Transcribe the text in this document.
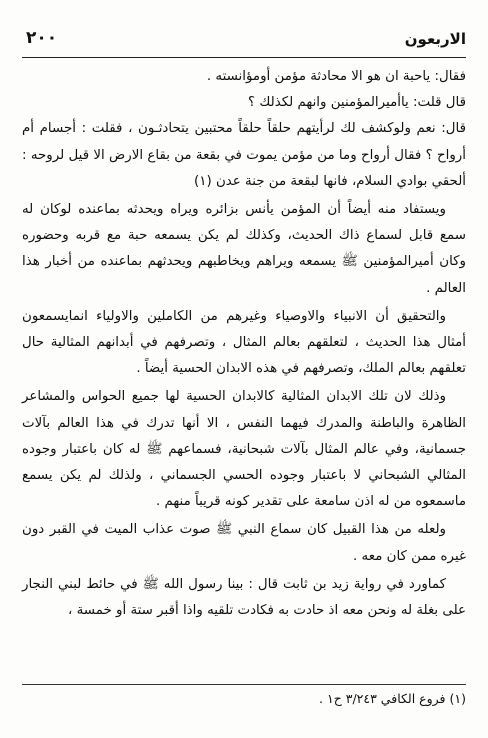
الاربعون
٢٠٠

فقال: ياحبة ان هو الا محادثة مؤمن أومؤانسته .

قال قلت: ياأميرالمؤمنين وانهم لكذلك ؟

قال: نعم ولوكشف لك لرأيتهم حلقاً حلقاً محتبين يتحادثـون ، فقلت : أجسام أم أرواح ؟ فقال أرواح وما من مؤمن يموت في بقعة من بقاع الارض الا قيل لروحه : ألحقي بوادي السلام، فانها لبقعة من جنة عدن (١)

ويستفاد منه أيضاً أن المؤمن يأنس بزائره ويراه ويحدثه بماعنده لوكان له سمع قابل لسماع ذاك الحديث، وكذلك لم يكن يسمعه حبة مع قربه وحضوره وكان أميرالمؤمنين ﷺ يسمعه ويراهم ويخاطبهم ويحدثهم بماعنده من أخبار هذا العالم .

والتحقيق أن الانبياء والاوصياء وغيرهم من الكاملين والاولياء انمايسمعون أمثال هذا الحديث ، لتعلقهم بعالم المثال ، وتصرفهم في أبدانهم المثالية حال تعلقهم بعالم الملك، وتصرفهم في هذه الابدان الحسية أيضاً .

وذلك لان تلك الابدان المثالية كالابدان الحسية لها جميع الحواس والمشاعر الظاهرة والباطنة والمدرك فيهما النفس ، الا أنها تدرك في هذا العالم بآلات جسمانية، وفي عالم المثال بآلات شبحانية، فسماعهم ﷺ له كان باعتبار وجوده المثالي الشبحاني لا باعتبار وجوده الحسي الجسماني ، ولذلك لم يكن يسمع ماسمعوه من له اذن سامعة على تقدير كونه قريباً منهم .

ولعله من هذا القبيل كان سماع النبي ﷺ صوت عذاب الميت في القبر دون غيره ممن كان معه .

كماورد في رواية زيد بن ثابت قال : بينا رسول الله ﷺ في حائط لبني النجار على بغلة له ونحن معه اذ حادت به فكادت تلقيه واذا أقبر ستة أو خمسة ،

(١) فروع الكافي ٣/٢٤٣ ح١ .
